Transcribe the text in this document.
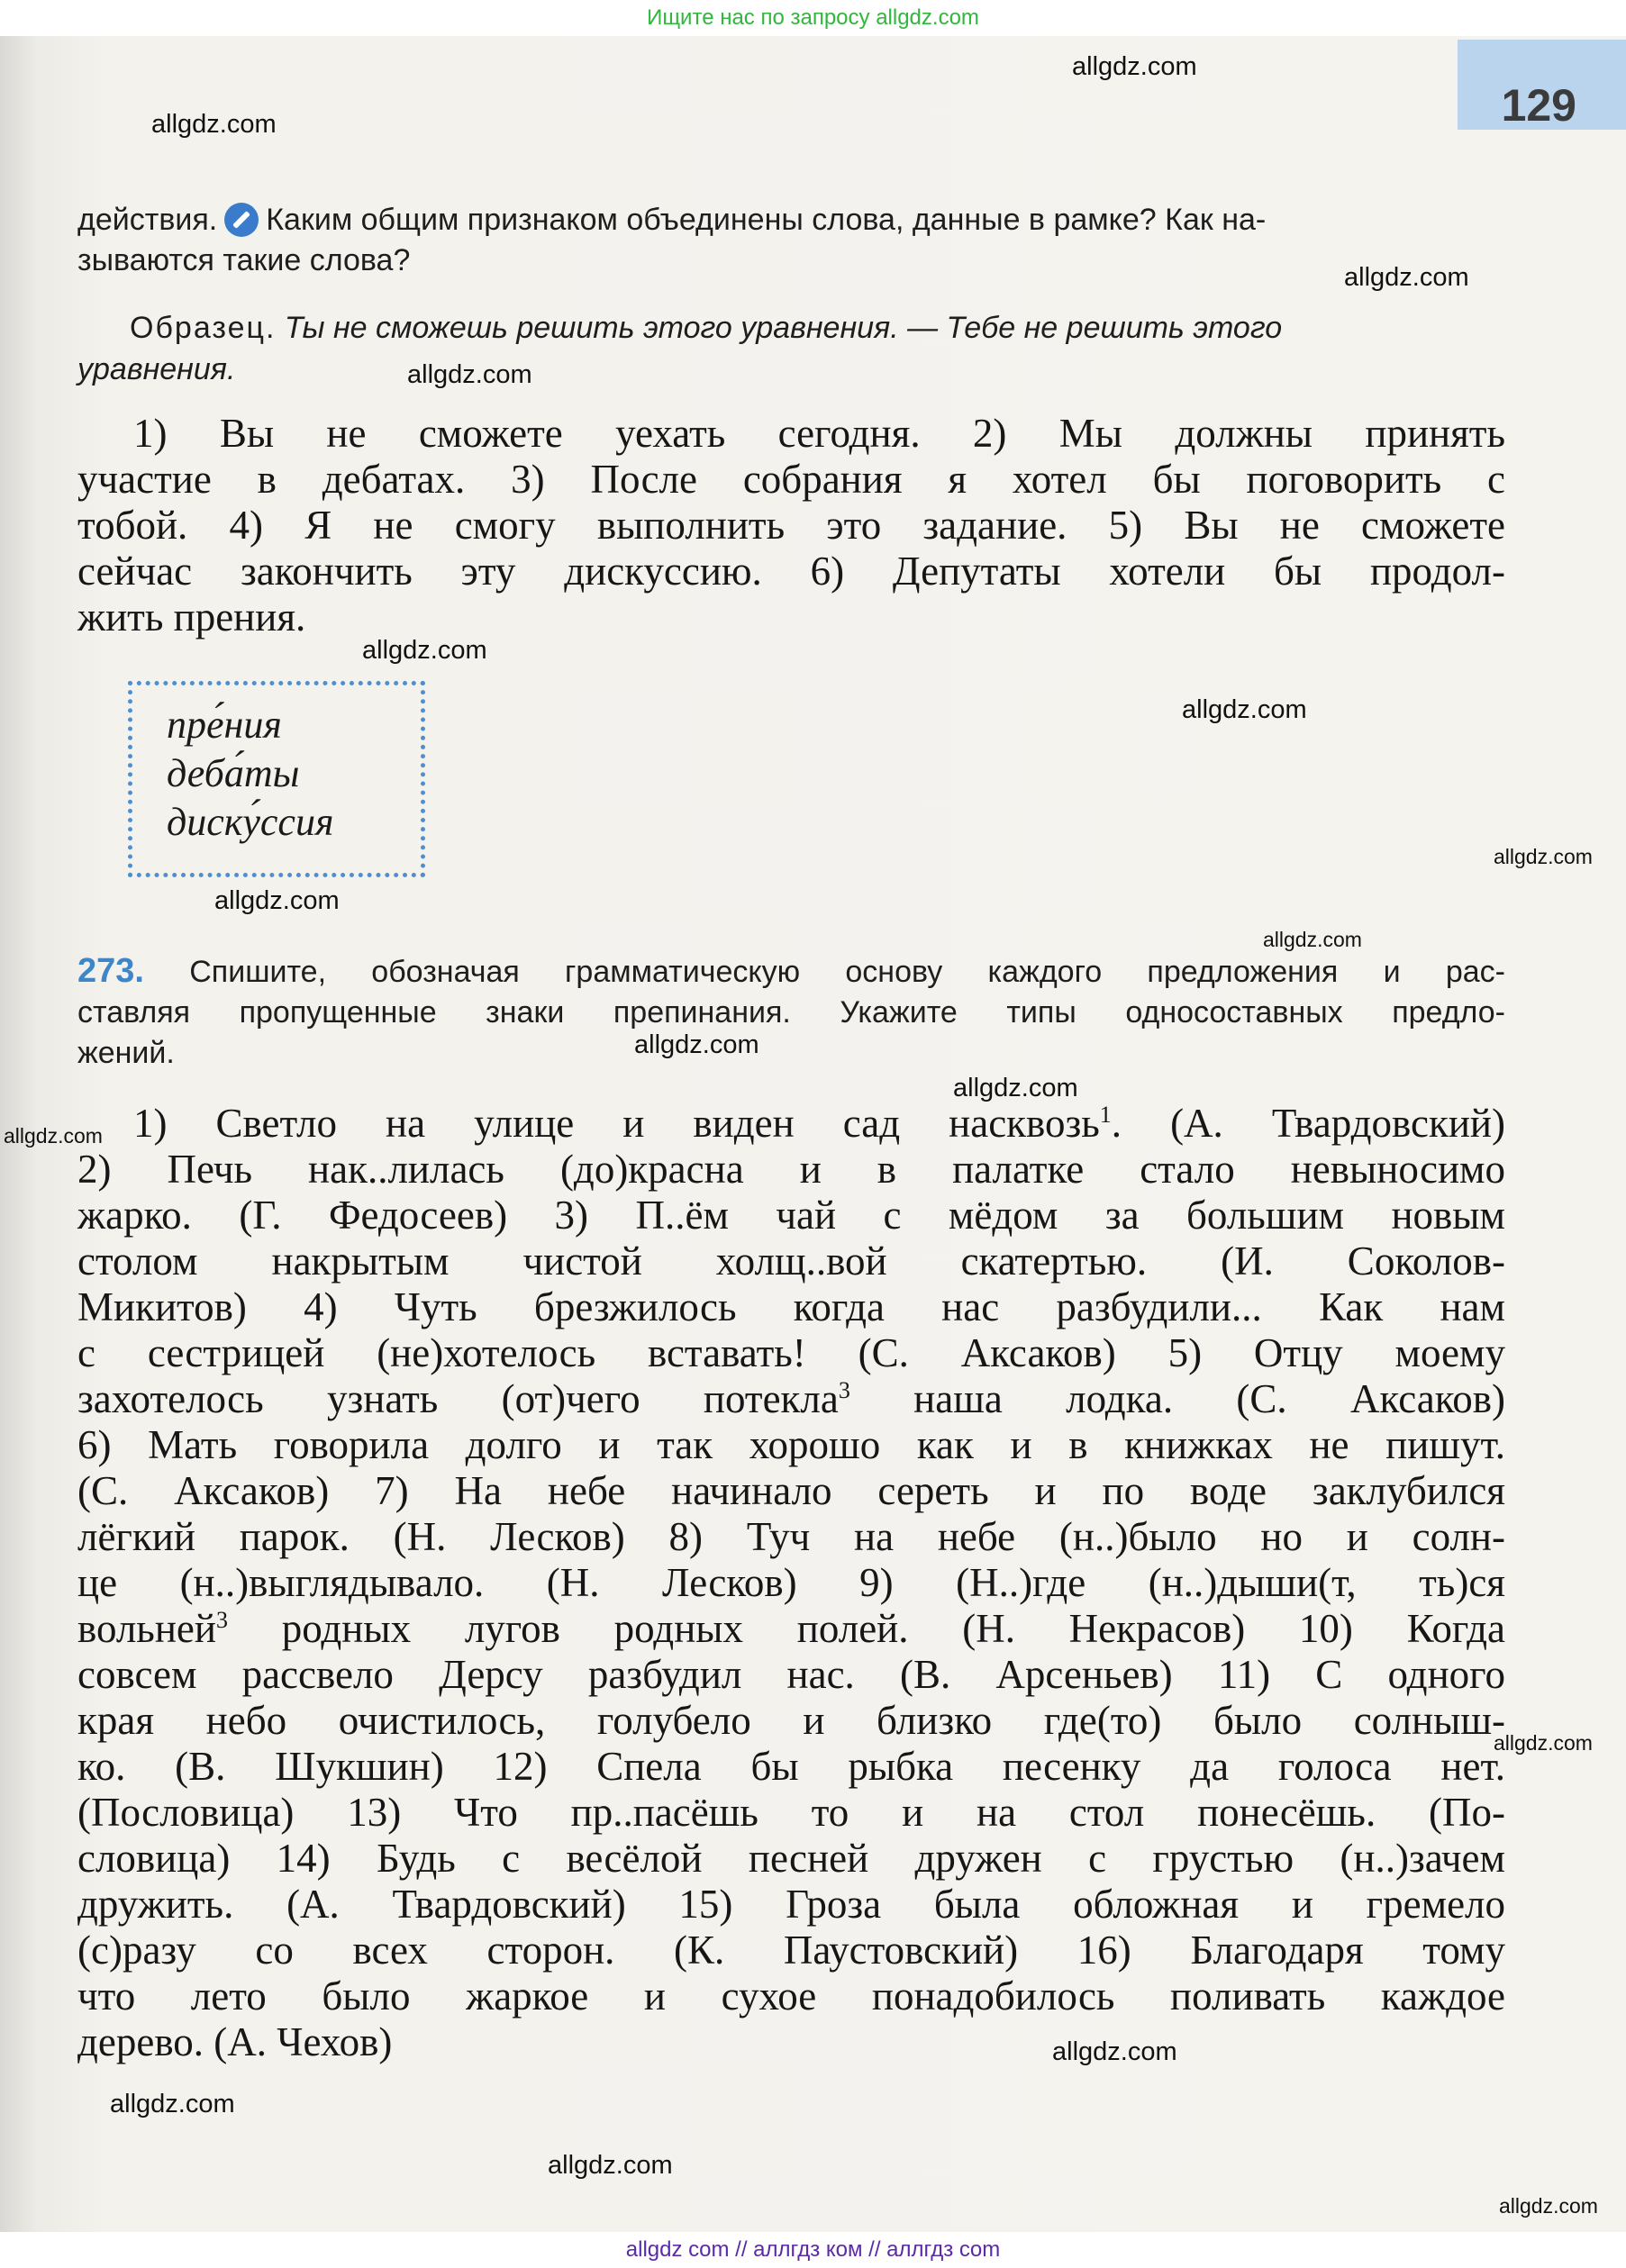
Ищите нас по запросу allgdz.com
129
allgdz.com
allgdz.com
allgdz.com
allgdz.com
allgdz.com
allgdz.com
allgdz.com
allgdz.com
allgdz.com
allgdz.com
allgdz.com
allgdz.com
allgdz.com
allgdz.com
allgdz.com
allgdz.com
allgdz.com
действия. Каким общим признаком объединены слова, данные в рамке? Как на-
зываются такие слова?
Образец. Ты не сможешь решить этого уравнения. — Тебе не решить этого
уравнения.
1) Вы не сможете уехать сегодня. 2) Мы должны принять
участие в дебатах. 3) После собрания я хотел бы поговорить с
тобой. 4) Я не смогу выполнить это задание. 5) Вы не сможете
сейчас закончить эту дискуссию. 6) Депутаты хотели бы продол-
жить прения.
пре́ния
деба́ты
диску́ссия
273. Спишите, обозначая грамматическую основу каждого предложения и рас-
ставляя пропущенные знаки препинания. Укажите типы односоставных предло-
жений.
1) Светло на улице и виден сад насквозь$^1$. (А. Твардовский)
2) Печь нак..лилась (до)красна и в палатке стало невыносимо
жарко. (Г. Федосеев) 3) П..ём чай с мёдом за большим новым
столом накрытым чистой холщ..вой скатертью. (И. Соколов-
Микитов) 4) Чуть брезжилось когда нас разбудили... Как нам
с сестрицей (не)хотелось вставать! (С. Аксаков) 5) Отцу моему
захотелось узнать (от)чего потекла$^3$ наша лодка. (С. Аксаков)
6) Мать говорила долго и так хорошо как и в книжках не пишут.
(С. Аксаков) 7) На небе начинало сереть и по воде заклубился
лёгкий парок. (Н. Лесков) 8) Туч на небе (н..)было но и солн-
це (н..)выглядывало. (Н. Лесков) 9) (Н..)где (н..)дыши(т, ть)ся
вольней$^3$ родных лугов родных полей. (Н. Некрасов) 10) Когда
совсем рассвело Дерсу разбудил нас. (В. Арсеньев) 11) С одного
края небо очистилось, голубело и близко где(то) было солныш-
ко. (В. Шукшин) 12) Спела бы рыбка песенку да голоса нет.
(Пословица) 13) Что пр..пасёшь то и на стол понесёшь. (По-
словица) 14) Будь с весёлой песней дружен с грустью (н..)зачем
дружить. (А. Твардовский) 15) Гроза была обложная и гремело
(с)разу со всех сторон. (К. Паустовский) 16) Благодаря тому
что лето было жаркое и сухое понадобилось поливать каждое
дерево. (А. Чехов)
allgdz com // аллгдз ком // аллгдз com
